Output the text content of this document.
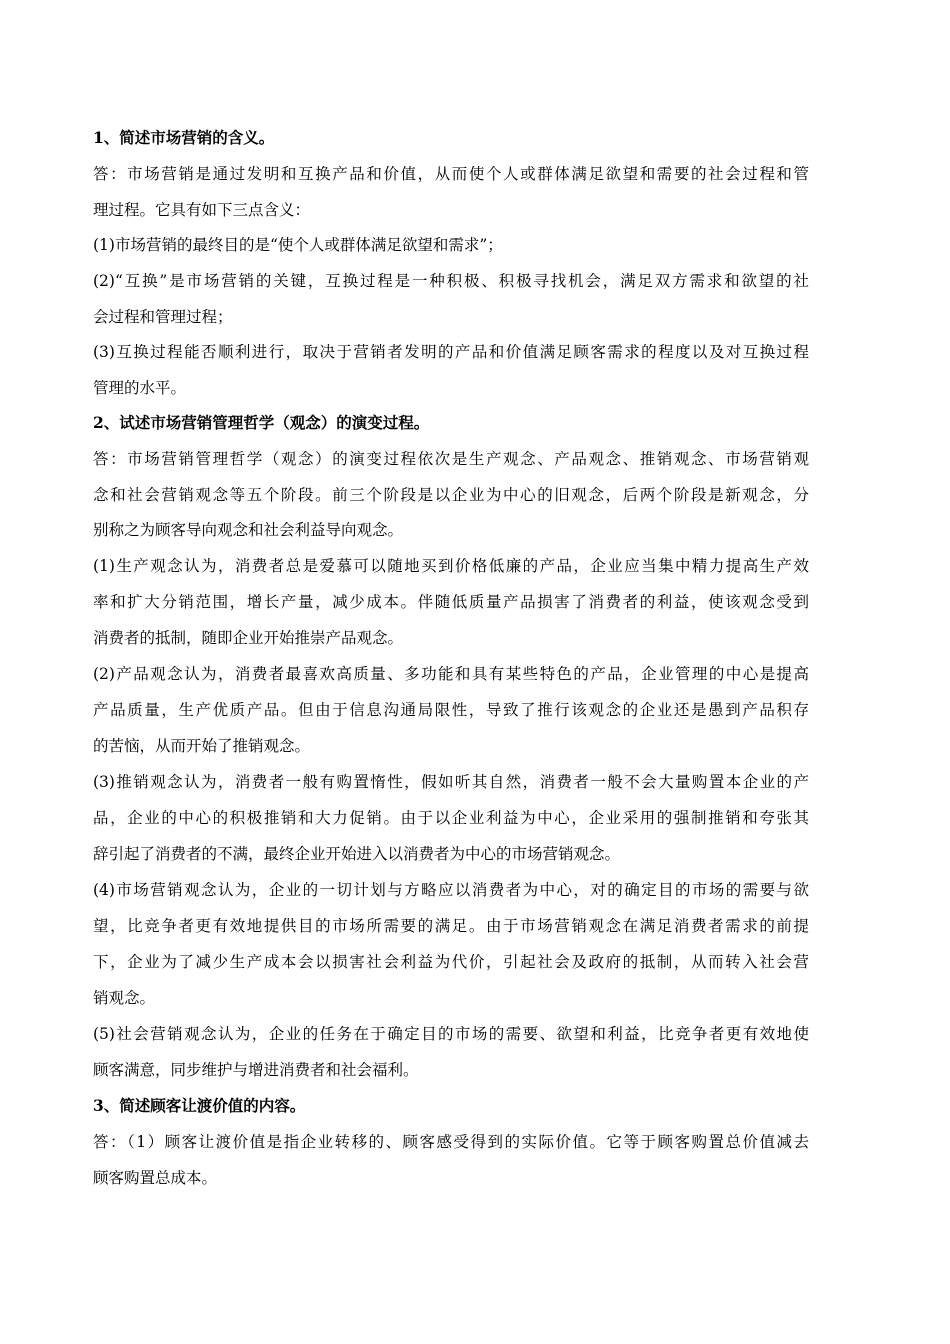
1、简述市场营销的含义。
答：市场营销是通过发明和互换产品和价值，从而使个人或群体满足欲望和需要的社会过程和管
理过程。它具有如下三点含义：
(1)市场营销的最终目的是“使个人或群体满足欲望和需求”；
(2)“互换”是市场营销的关键，互换过程是一种积极、积极寻找机会，满足双方需求和欲望的社
会过程和管理过程；
(3)互换过程能否顺利进行，取决于营销者发明的产品和价值满足顾客需求的程度以及对互换过程
管理的水平。
2、试述市场营销管理哲学（观念）的演变过程。
答：市场营销管理哲学（观念）的演变过程依次是生产观念、产品观念、推销观念、市场营销观
念和社会营销观念等五个阶段。前三个阶段是以企业为中心的旧观念，后两个阶段是新观念，分
别称之为顾客导向观念和社会利益导向观念。
(1)生产观念认为，消费者总是爱慕可以随地买到价格低廉的产品，企业应当集中精力提高生产效
率和扩大分销范围，增长产量，减少成本。伴随低质量产品损害了消费者的利益，使该观念受到
消费者的抵制，随即企业开始推崇产品观念。
(2)产品观念认为，消费者最喜欢高质量、多功能和具有某些特色的产品，企业管理的中心是提高
产品质量，生产优质产品。但由于信息沟通局限性，导致了推行该观念的企业还是愚到产品积存
的苦恼，从而开始了推销观念。
(3)推销观念认为，消费者一般有购置惰性，假如听其自然，消费者一般不会大量购置本企业的产
品，企业的中心的积极推销和大力促销。由于以企业利益为中心，企业采用的强制推销和夸张其
辞引起了消费者的不满，最终企业开始进入以消费者为中心的市场营销观念。
(4)市场营销观念认为，企业的一切计划与方略应以消费者为中心，对的确定目的市场的需要与欲
望，比竞争者更有效地提供目的市场所需要的满足。由于市场营销观念在满足消费者需求的前提
下，企业为了减少生产成本会以损害社会利益为代价，引起社会及政府的抵制，从而转入社会营
销观念。
(5)社会营销观念认为，企业的任务在于确定目的市场的需要、欲望和利益，比竞争者更有效地使
顾客满意，同步维护与增进消费者和社会福利。
3、简述顾客让渡价值的内容。
答：（1）顾客让渡价值是指企业转移的、顾客感受得到的实际价值。它等于顾客购置总价值减去
顾客购置总成本。
